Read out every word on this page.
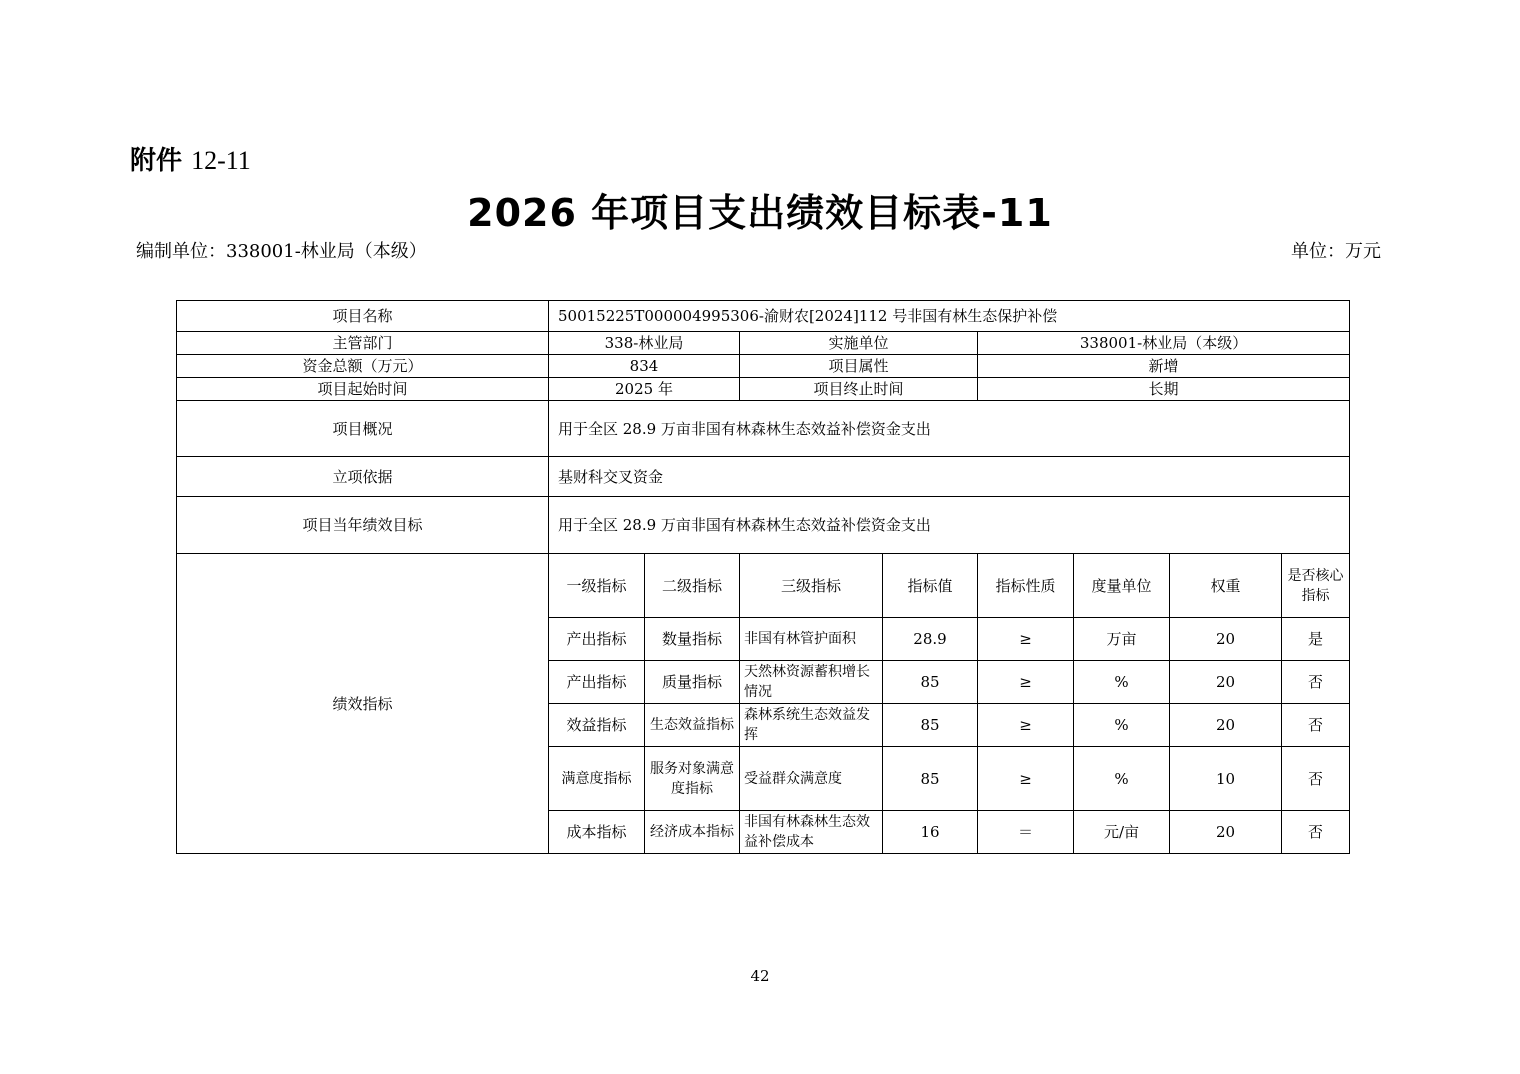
附件 12-11
2026 年项目支出绩效目标表-11
编制单位：338001-林业局（本级）	单位：万元
项目名称	50015225T000004995306-渝财农[2024]112 号非国有林生态保护补偿							
主管部门	338-林业局		实施单位		338001-林业局（本级）			
资金总额（万元）	834		项目属性		新增			
项目起始时间	2025 年		项目终止时间		长期			
项目概况	用于全区 28.9 万亩非国有林森林生态效益补偿资金支出							
立项依据	基财科交叉资金							
项目当年绩效目标	用于全区 28.9 万亩非国有林森林生态效益补偿资金支出							
绩效指标	一级指标	二级指标	三级指标	指标值	指标性质	度量单位	权重	是否核心指标
	产出指标	数量指标	非国有林管护面积	28.9	≥	万亩	20	是
	产出指标	质量指标	天然林资源蓄积增长情况	85	≥	%	20	否
	效益指标	生态效益指标	森林系统生态效益发挥	85	≥	%	20	否
	满意度指标	服务对象满意度指标	受益群众满意度	85	≥	%	10	否
	成本指标	经济成本指标	非国有林森林生态效益补偿成本	16	＝	元/亩	20	否
42
